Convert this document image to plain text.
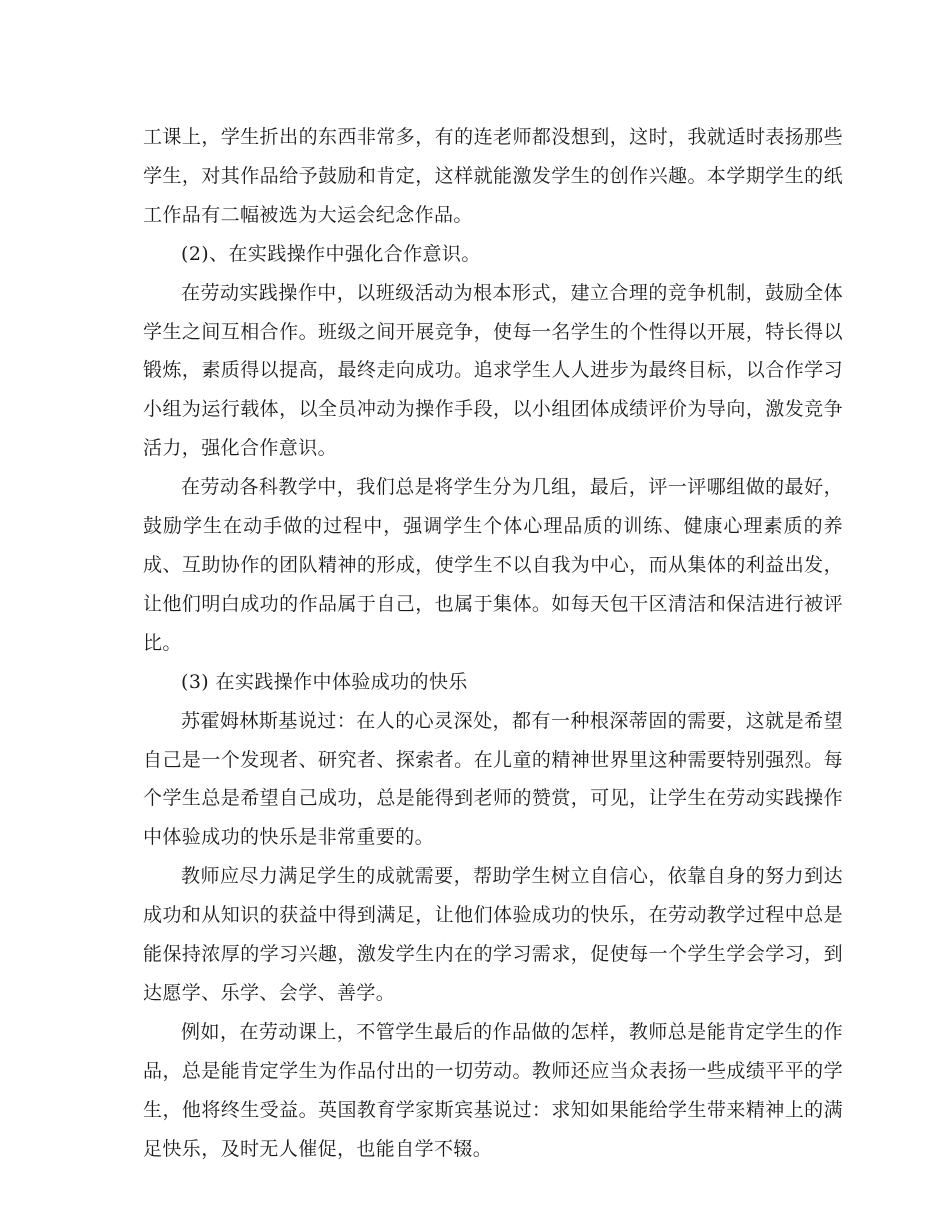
工课上，学生折出的东西非常多，有的连老师都没想到，这时，我就适时表扬那些学生，对其作品给予鼓励和肯定，这样就能激发学生的创作兴趣。本学期学生的纸工作品有二幅被选为大运会纪念作品。

(2)、在实践操作中强化合作意识。

在劳动实践操作中，以班级活动为根本形式，建立合理的竞争机制，鼓励全体学生之间互相合作。班级之间开展竞争，使每一名学生的个性得以开展，特长得以锻炼，素质得以提高，最终走向成功。追求学生人人进步为最终目标，以合作学习小组为运行载体，以全员冲动为操作手段，以小组团体成绩评价为导向，激发竞争活力，强化合作意识。

在劳动各科教学中，我们总是将学生分为几组，最后，评一评哪组做的最好，鼓励学生在动手做的过程中，强调学生个体心理品质的训练、健康心理素质的养成、互助协作的团队精神的形成，使学生不以自我为中心，而从集体的利益出发，让他们明白成功的作品属于自己，也属于集体。如每天包干区清洁和保洁进行被评比。

(3) 在实践操作中体验成功的快乐

苏霍姆林斯基说过：在人的心灵深处，都有一种根深蒂固的需要，这就是希望自己是一个发现者、研究者、探索者。在儿童的精神世界里这种需要特别强烈。每个学生总是希望自己成功，总是能得到老师的赞赏，可见，让学生在劳动实践操作中体验成功的快乐是非常重要的。

教师应尽力满足学生的成就需要，帮助学生树立自信心，依靠自身的努力到达成功和从知识的获益中得到满足，让他们体验成功的快乐，在劳动教学过程中总是能保持浓厚的学习兴趣，激发学生内在的学习需求，促使每一个学生学会学习，到达愿学、乐学、会学、善学。

例如，在劳动课上，不管学生最后的作品做的怎样，教师总是能肯定学生的作品，总是能肯定学生为作品付出的一切劳动。教师还应当众表扬一些成绩平平的学生，他将终生受益。英国教育学家斯宾基说过：求知如果能给学生带来精神上的满足快乐，及时无人催促，也能自学不辍。
